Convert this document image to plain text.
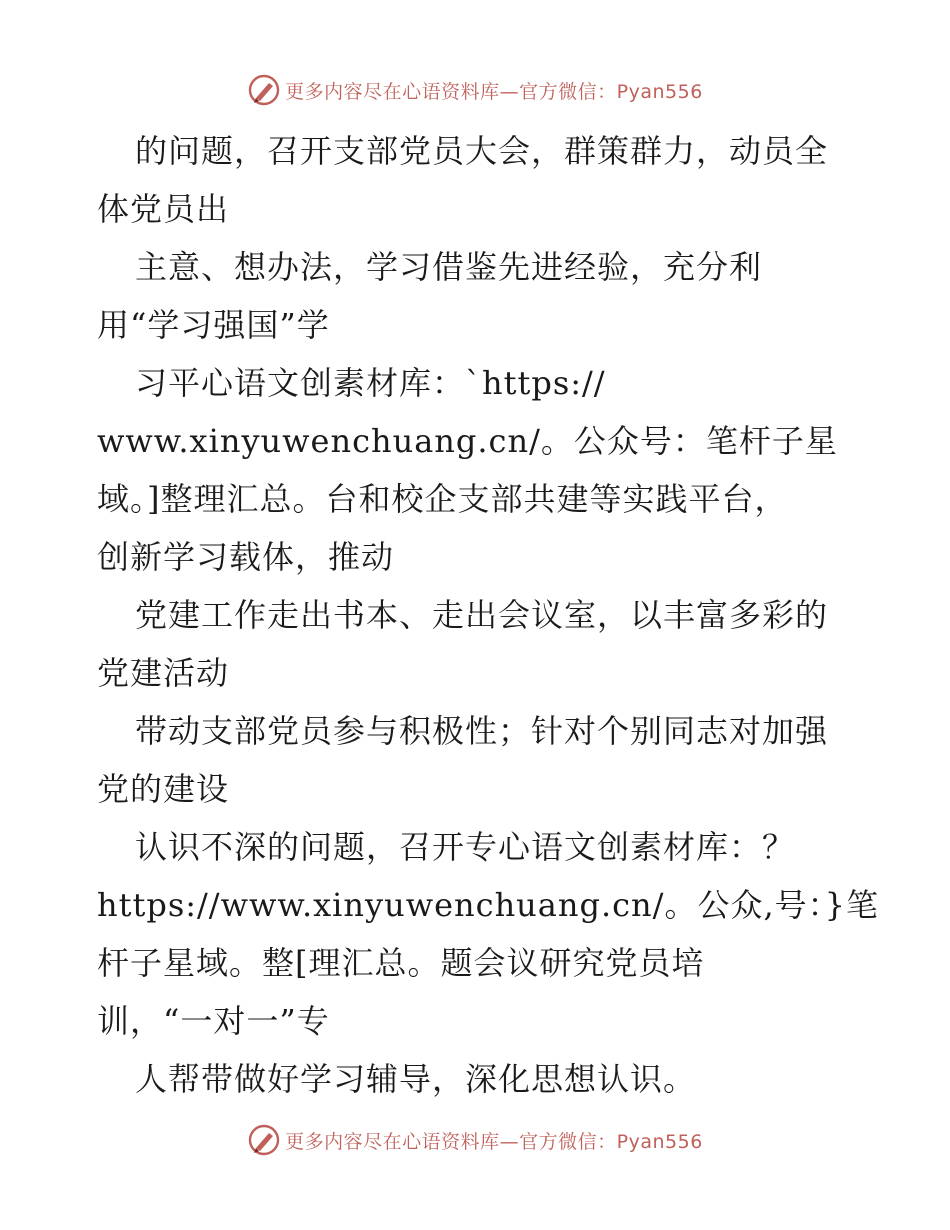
更多内容尽在心语资料库—官方微信：Pyan556
的问题，召开支部党员大会，群策群力，动员全
体党员出
主意、想办法，学习借鉴先进经验，充分利
用“学习强国”学
习平心语文创素材库：`https://
www.xinyuwenchuang.cn/。公众号：笔杆子星
域。]整理汇总。台和校企支部共建等实践平台，
创新学习载体，推动
党建工作走出书本、走出会议室，以丰富多彩的
党建活动
带动支部党员参与积极性；针对个别同志对加强
党的建设
认识不深的问题，召开专心语文创素材库：？
https://www.xinyuwenchuang.cn/。公众,号：}笔
杆子星域。整[理汇总。题会议研究党员培
训，“一对一”专
人帮带做好学习辅导，深化思想认识。
更多内容尽在心语资料库—官方微信：Pyan556
